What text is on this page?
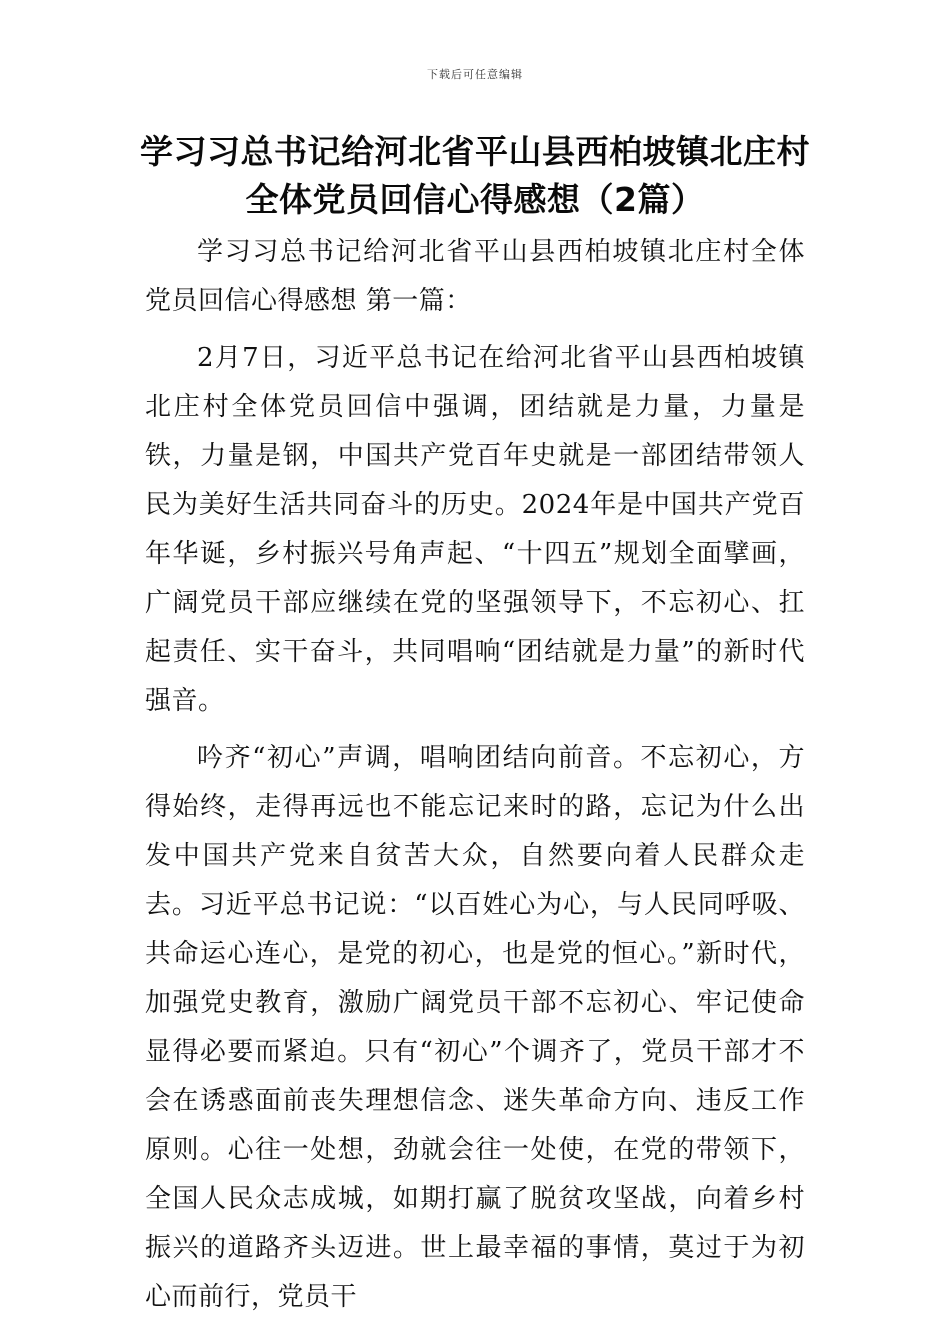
下载后可任意编辑
学习习总书记给河北省平山县西柏坡镇北庄村全体党员回信心得感想（2篇）

学习习总书记给河北省平山县西柏坡镇北庄村全体党员回信心得感想 第一篇：

2月7日，习近平总书记在给河北省平山县西柏坡镇北庄村全体党员回信中强调，团结就是力量，力量是铁，力量是钢，中国共产党百年史就是一部团结带领人民为美好生活共同奋斗的历史。2024年是中国共产党百年华诞，乡村振兴号角声起、“十四五”规划全面擘画，广阔党员干部应继续在党的坚强领导下，不忘初心、扛起责任、实干奋斗，共同唱响“团结就是力量”的新时代强音。

吟齐“初心”声调，唱响团结向前音。不忘初心，方得始终，走得再远也不能忘记来时的路，忘记为什么出发中国共产党来自贫苦大众，自然要向着人民群众走去。习近平总书记说：“以百姓心为心，与人民同呼吸、共命运心连心，是党的初心，也是党的恒心。”新时代，加强党史教育，激励广阔党员干部不忘初心、牢记使命显得必要而紧迫。只有“初心”个调齐了，党员干部才不会在诱惑面前丧失理想信念、迷失革命方向、违反工作原则。心往一处想，劲就会往一处使，在党的带领下，全国人民众志成城，如期打赢了脱贫攻坚战，向着乡村振兴的道路齐头迈进。世上最幸福的事情，莫过于为初心而前行，党员干
